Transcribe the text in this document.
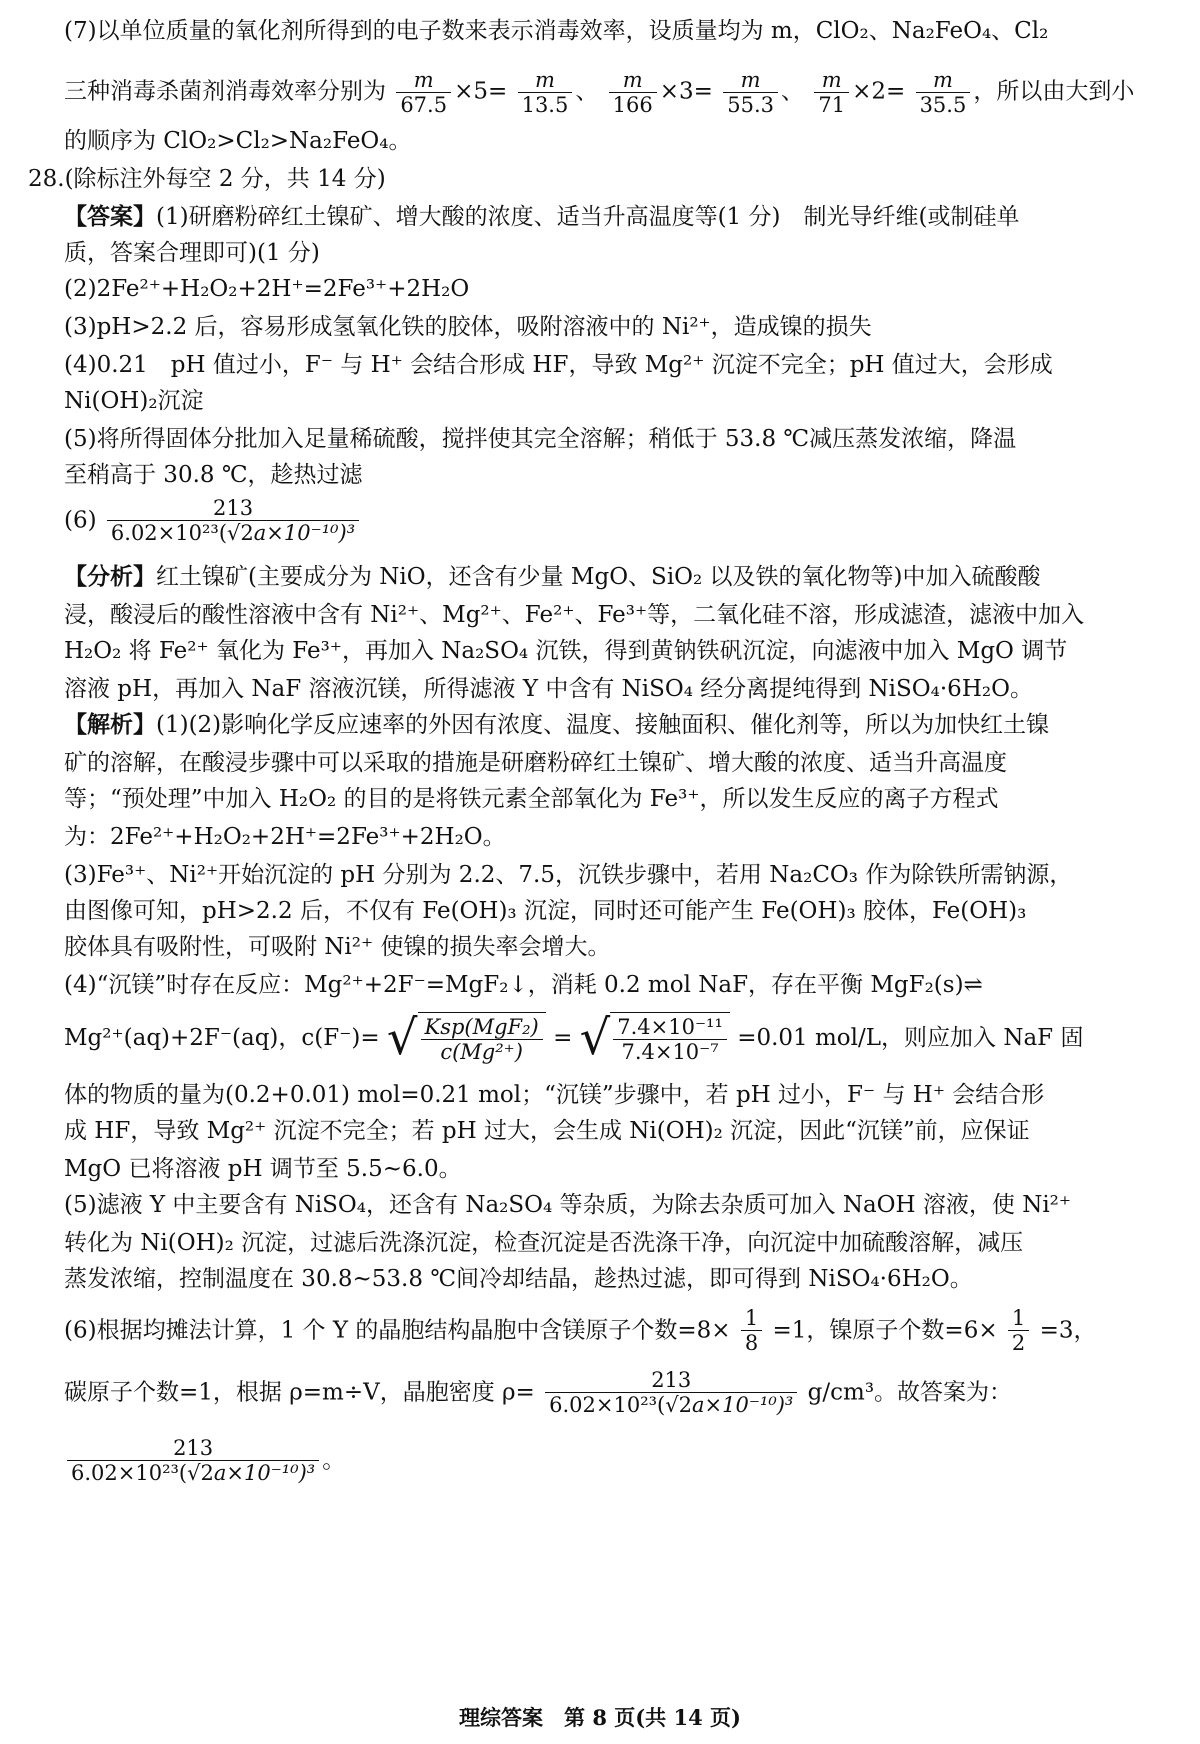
(7)以单位质量的氧化剂所得到的电子数来表示消毒效率，设质量均为 m，ClO₂、Na₂FeO₄、Cl₂
三种消毒杀菌剂消毒效率分别为 $\frac{m}{67.5} \times 5= \frac{m}{13.5}$ 、 $\frac{m}{166} \times 3= \frac{m}{55.3}$ 、 $\frac{m}{71} \times 2= \frac{m}{35.5}$ ，所以由大到小
的顺序为 ClO₂>Cl₂>Na₂FeO₄。
28.(除标注外每空 2 分，共 14 分)
【答案】(1)研磨粉碎红土镍矿、增大酸的浓度、适当升高温度等(1 分)　制光导纤维(或制硅单
质，答案合理即可)(1 分)
(2)2Fe²⁺+H₂O₂+2H⁺=2Fe³⁺+2H₂O
(3)pH>2.2 后，容易形成氢氧化铁的胶体，吸附溶液中的 Ni²⁺，造成镍的损失
(4)0.21　pH 值过小，F⁻ 与 H⁺ 会结合形成 HF，导致 Mg²⁺ 沉淀不完全；pH 值过大，会形成
Ni(OH)₂沉淀
(5)将所得固体分批加入足量稀硫酸，搅拌使其完全溶解；稍低于 53.8 ℃减压蒸发浓缩，降温
至稍高于 30.8 ℃，趁热过滤
$(6) \frac{213}{\text{6.02×10²³(√2a×10⁻¹⁰)³}}$
【分析】红土镍矿(主要成分为 NiO，还含有少量 MgO、SiO₂ 以及铁的氧化物等)中加入硫酸酸
浸，酸浸后的酸性溶液中含有 Ni²⁺、Mg²⁺、Fe²⁺、Fe³⁺等，二氧化硅不溶，形成滤渣，滤液中加入
H₂O₂ 将 Fe²⁺ 氧化为 Fe³⁺，再加入 Na₂SO₄ 沉铁，得到黄钠铁矾沉淀，向滤液中加入 MgO 调节
溶液 pH，再加入 NaF 溶液沉镁，所得滤液 Y 中含有 NiSO₄ 经分离提纯得到 NiSO₄·6H₂O。
【解析】(1)(2)影响化学反应速率的外因有浓度、温度、接触面积、催化剂等，所以为加快红土镍
矿的溶解，在酸浸步骤中可以采取的措施是研磨粉碎红土镍矿、增大酸的浓度、适当升高温度
等；“预处理”中加入 H₂O₂ 的目的是将铁元素全部氧化为 Fe³⁺，所以发生反应的离子方程式
为：2Fe²⁺+H₂O₂+2H⁺=2Fe³⁺+2H₂O。
(3)Fe³⁺、Ni²⁺开始沉淀的 pH 分别为 2.2、7.5，沉铁步骤中，若用 Na₂CO₃ 作为除铁所需钠源，
由图像可知，pH>2.2 后，不仅有 Fe(OH)₃ 沉淀，同时还可能产生 Fe(OH)₃ 胶体，Fe(OH)₃
胶体具有吸附性，可吸附 Ni²⁺ 使镍的损失率会增大。
(4)“沉镁”时存在反应：Mg²⁺+2F⁻=MgF₂↓，消耗 0.2 mol NaF，存在平衡 MgF₂(s)⇌
Mg²⁺(aq)+2F⁻(aq)，c(F⁻)= √ $\frac{\text{Ksp(MgF₂)}}{\text{c(Mg²⁺)}}$ = √ $\frac{\text{7.4×10⁻¹¹}}{\text{7.4×10⁻⁷}} =0.01$ mol/L，则应加入 NaF 固
体的物质的量为(0.2+0.01) mol=0.21 mol；“沉镁”步骤中，若 pH 过小，F⁻ 与 H⁺ 会结合形
成 HF，导致 Mg²⁺ 沉淀不完全；若 pH 过大，会生成 Ni(OH)₂ 沉淀，因此“沉镁”前，应保证
MgO 已将溶液 pH 调节至 5.5~6.0。
(5)滤液 Y 中主要含有 NiSO₄，还含有 Na₂SO₄ 等杂质，为除去杂质可加入 NaOH 溶液，使 Ni²⁺
转化为 Ni(OH)₂ 沉淀，过滤后洗涤沉淀，检查沉淀是否洗涤干净，向沉淀中加硫酸溶解，减压
蒸发浓缩，控制温度在 30.8~53.8 ℃间冷却结晶，趁热过滤，即可得到 NiSO₄·6H₂O。
(6)根据均摊法计算，1 个 Y 的晶胞结构晶胞中含镁原子个数$=8\times \frac{1}{8} =1$，镍原子个数$=6\times \frac{1}{2} =3$，
碳原子个数=1，根据 ρ=m÷V，晶胞密度 $\rho= \frac{213}{\text{6.02×10²³(√2a×10⁻¹⁰)³}} g/cm^3$。故答案为：
$\frac{213}{\text{6.02×10²³(√2a×10⁻¹⁰)³}}$ 。
理综答案　第 8 页(共 14 页)
